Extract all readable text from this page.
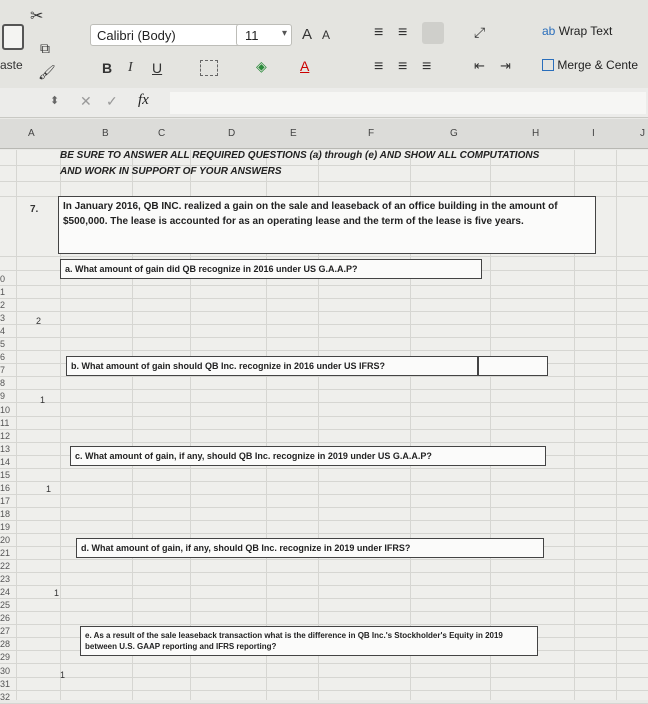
aste
✂
⧉
🖌
Calibri (Body)	11 ▾ A A
B I U	◈ A
≡ ≡	⤢
≡ ≡ ≡	⇤ ⇥
ab Wrap Text
Merge & Cente
⬍ ✕ ✓ fx
A	B	C	D	E	F	G	H	I	J
0
1
2
3
4
5
6
7
8
9
10
11
12
13
14
15
16
17
18
19
20
21
22
23
24
25
26
27
28
29
30
31
32
BE SURE TO ANSWER ALL REQUIRED QUESTIONS (a) through (e) AND SHOW ALL COMPUTATIONS
AND WORK IN SUPPORT OF YOUR ANSWERS
7.	In January 2016, QB INC. realized a gain on the sale and leaseback of an office building in the amount of $500,000. The lease is accounted for as an operating lease and the term of the lease is five years.
a. What amount of gain did QB recognize in 2016 under US G.A.A.P?
2
b. What amount of gain should QB Inc. recognize in 2016 under US IFRS?
1
c. What amount of gain, if any, should QB Inc. recognize in 2019 under US G.A.A.P?
1
d. What amount of gain, if any, should QB Inc. recognize in 2019 under IFRS?
1
e. As a result of the sale leaseback transaction what is the difference in QB Inc.'s Stockholder's Equity in 2019 between U.S. GAAP reporting and IFRS reporting?
1
